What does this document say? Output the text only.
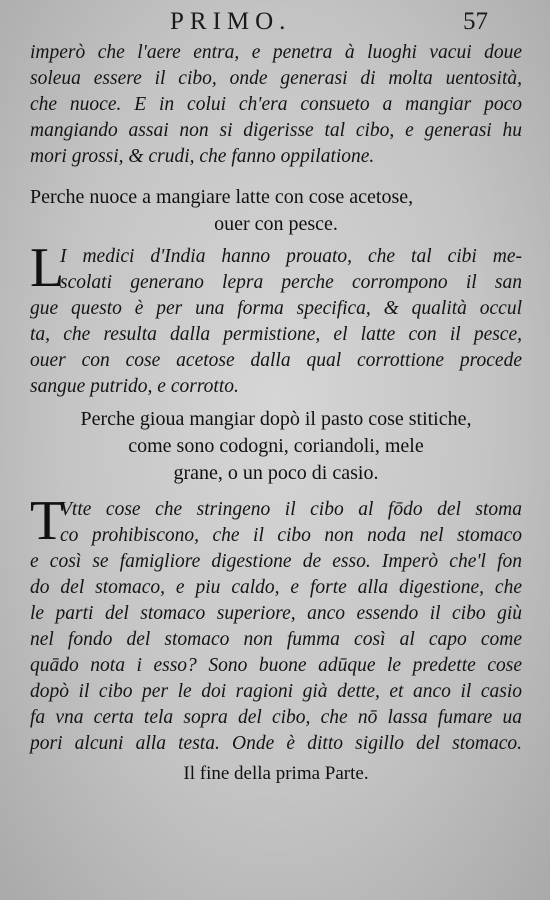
PRIMO.	57
imperò che l'aere entra, e penetra à luoghi vacui doue
soleua essere il cibo, onde generasi di molta uentosità,
che nuoce. E in colui ch'era consueto a mangiar poco
mangiando assai non si digerisse tal cibo, e generasi hu
mori grossi, & crudi, che fanno oppilatione.
Perche nuoce a mangiare latte con cose acetose,
ouer con pesce.
L
I medici d'India hanno prouato, che tal cibi me-
scolati generano lepra perche corrompono il san
gue questo è per una forma specifica, & qualità occul
ta, che resulta dalla permistione, el latte con il pesce,
ouer con cose acetose dalla qual corrottione procede
sangue putrido, e corrotto.
Perche gioua mangiar dopò il pasto cose stitiche,
come sono codogni, coriandoli, mele
grane, o un poco di casio.
T
Vtte cose che stringeno il cibo al fōdo del stoma
co prohibiscono, che il cibo non noda nel stomaco
e così se famigliore digestione de esso. Imperò che'l fon
do del stomaco, e piu caldo, e forte alla digestione, che
le parti del stomaco superiore, anco essendo il cibo giù
nel fondo del stomaco non fumma così al capo come
quādo nota i esso? Sono buone adūque le predette cose
dopò il cibo per le doi ragioni già dette, et anco il casio
fa vna certa tela sopra del cibo, che nō lassa fumare ua
pori alcuni alla testa. Onde è ditto sigillo del stomaco.
Il fine della prima Parte.
